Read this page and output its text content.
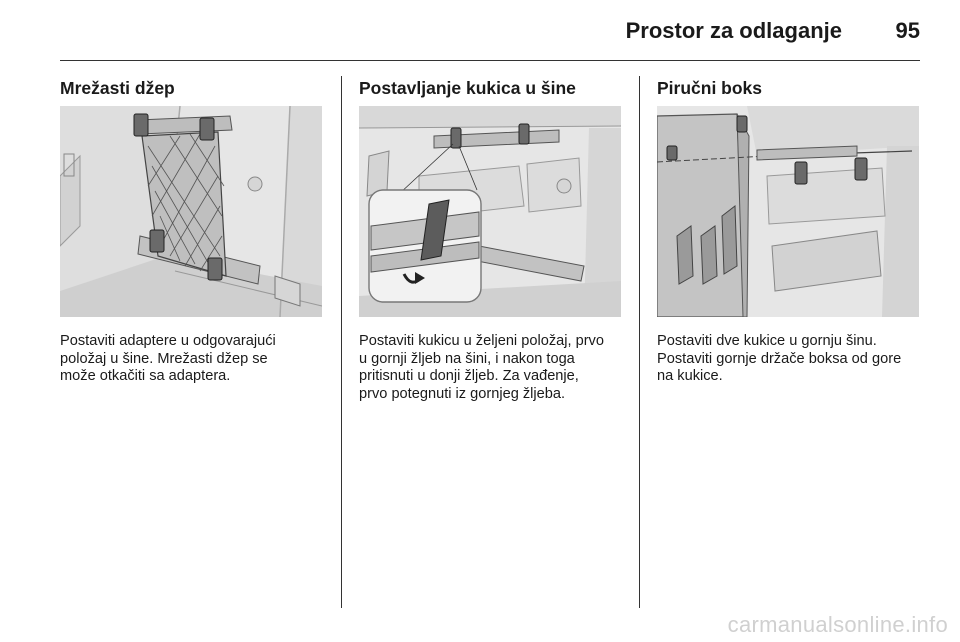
Prostor za odlaganje 95
Mrežasti džep

Postaviti adaptere u odgovarajući

položaj u šine. Mrežasti džep se

može otkačiti sa adaptera.

Postavljanje kukica u šine

Postaviti kukicu u željeni položaj, prvo

u gornji žljeb na šini, i nakon toga

pritisnuti u donji žljeb. Za vađenje,

prvo potegnuti iz gornjeg žljeba.

Piručni boks

Postaviti dve kukice u gornju šinu.

Postaviti gornje držače boksa od gore

na kukice.

carmanualsonline.info
